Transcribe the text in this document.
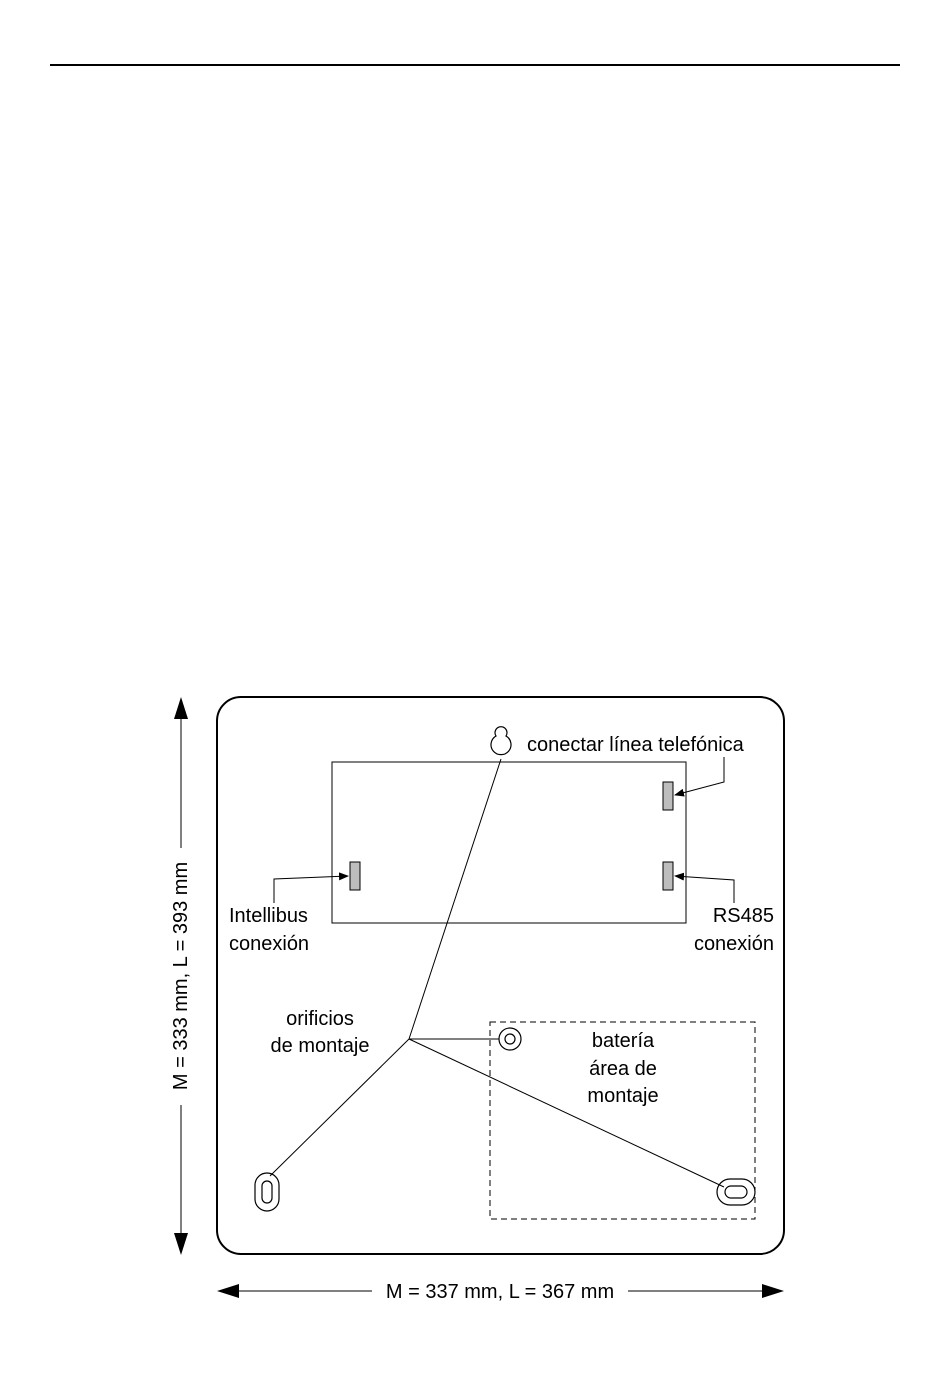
conectar línea telefónica
Intellibus
conexión
RS485
conexión
orificios
de montaje	batería
área de
montaje
M = 333 mm, L = 393 mm
M = 337 mm, L = 367 mm
